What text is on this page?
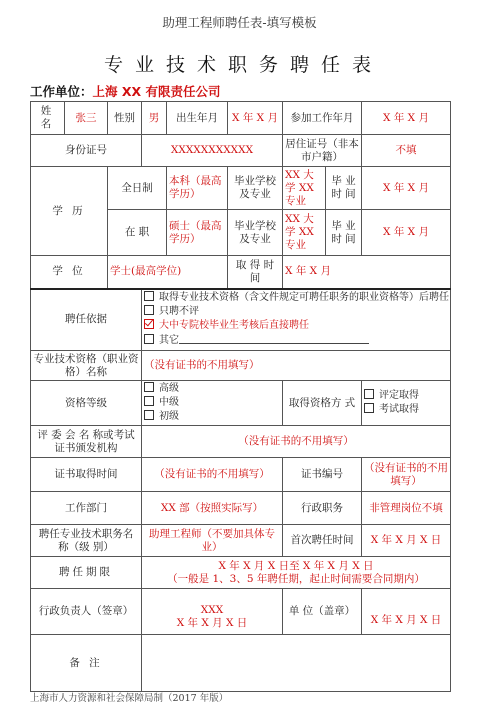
助理工程师聘任表-填写模板
专业技术职务聘任表
工作单位：上海 XX 有限责任公司
姓 名	张三	性别	男	出生年月	X 年 X 月	参加工作年月		X 年 X 月
身份证号			XXXXXXXXXXX			居住证号（非本市户籍）		不填
学 历		全日制		本科（最高学历）	毕业学校及专业	XX 大学 XX 专业	毕 业 时 间	X 年 X 月
		在 职		硕士（最高学历）	毕业学校及专业	XX 大学 XX 专业	毕 业 时 间	X 年 X 月
学 位		学士(最高学位)			取 得 时 间	X 年 X 月		
聘任依据			取得专业技术资格（含文件规定可聘任职务的职业资格等）后聘任
只聘不评
大中专院校毕业生考核后直接聘任
其它					

专业技术资格（职业资格）名称			（没有证书的不用填写）					
资格等级			高级
中级
初级			取得资格方 式		评定取得
考试取得

评 委 会 名 称或考试证书颁发机构			（没有证书的不用填写）					
证书取得时间			（没有证书的不用填写）			证书编号		（没有证书的不用填写）
工作部门			XX 部（按照实际写）			行政职务		非管理岗位不填
聘任专业技术职务名 称（级 别）			助理工程师（不要加具体专业）			首次聘任时间		X 年 X 月 X 日
聘任期限			X 年 X 月 X 日至 X 年 X 月 X 日
（一般是 1、3、5 年聘任期，起止时间需要合同期内）					

行政负责人（签章）			XXX
X 年 X 月 X 日			单 位（盖章）		X 年 X 月 X 日

备 注								
上海市人力资源和社会保障局制（2017 年版）
